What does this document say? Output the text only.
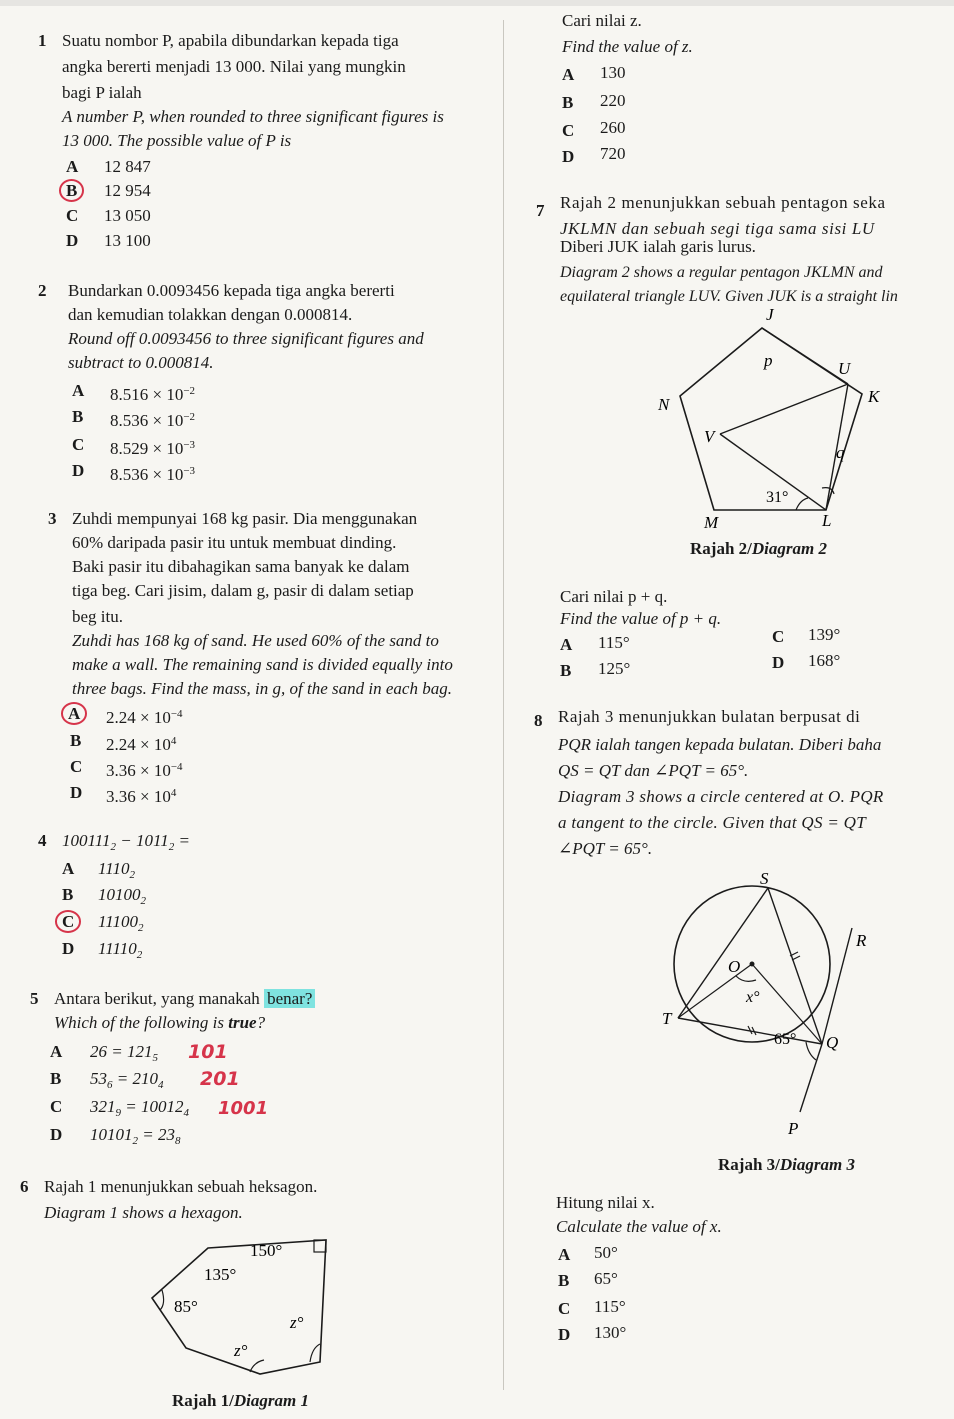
1 Suatu nombor P, apabila dibundarkan kepada tiga
angka bererti menjadi 13 000. Nilai yang mungkin
bagi P ialah
A number P, when rounded to three significant figures is
13 000. The possible value of P is
A 12 847
B	12 954
C 13 050
D 13 100
2 Bundarkan 0.0093456 kepada tiga angka bererti
dan kemudian tolakkan dengan 0.000814.
Round off 0.0093456 to three significant figures and
subtract to 0.000814.
A $8.516 \times 10^{-2}$
B $8.536 \times 10^{-2}$
C $8.529 \times 10^{-3}$
D $8.536 \times 10^{-3}$
3 Zuhdi mempunyai 168 kg pasir. Dia menggunakan
60% daripada pasir itu untuk membuat dinding.
Baki pasir itu dibahagikan sama banyak ke dalam
tiga beg. Cari jisim, dalam g, pasir di dalam setiap
beg itu.
Zuhdi has 168 kg of sand. He used 60% of the sand to
make a wall. The remaining sand is divided equally into
three bags. Find the mass, in g, of the sand in each bag.
A	$2.24 \times 10^{-4}$
B $2.24 \times 10^4$
C $3.36 \times 10^{-4}$
D $3.36 \times 10^4$
4 $100111_2 - 1011_2$ =
A $1110_2$
B $10100_2$
C	$11100_2$
D $11110_2$
5 Antara berikut, yang manakah benar?
Which of the following is true?
A $26 = 121_5$ 101
B $53_6 = 210_4$ 201
C $321_9 = 10012_4$ 1001
D $10101_2 = 23_8$
6 Rajah 1 menunjukkan sebuah heksagon.
Diagram 1 shows a hexagon.
150°
135°
85°
z°
z°
Rajah 1/Diagram 1
Cari nilai z.
Find the value of z.
A 130
B 220
C 260
D 720
7 Rajah 2 menunjukkan sebuah pentagon seka
JKLMN dan sebuah segi tiga sama sisi LU
Diberi JUK ialah garis lurus.
Diagram 2 shows a regular pentagon JKLMN and
equilateral triangle LUV. Given JUK is a straight lin
J
K
L
M
N
U
V
p
q
31°
Rajah 2/Diagram 2
Cari nilai p + q.
Find the value of p + q.
A 115°
B 125°
C 139°
D 168°
8 Rajah 3 menunjukkan bulatan berpusat di
PQR ialah tangen kepada bulatan. Diberi baha
QS = QT dan ∠PQT = 65°.
Diagram 3 shows a circle centered at O. PQR
a tangent to the circle. Given that QS = QT
∠PQT = 65°.
S
R
O
T
Q
P
x°
65°
Rajah 3/Diagram 3
Hitung nilai x.
Calculate the value of x.
A 50°
B 65°
C 115°
D 130°
